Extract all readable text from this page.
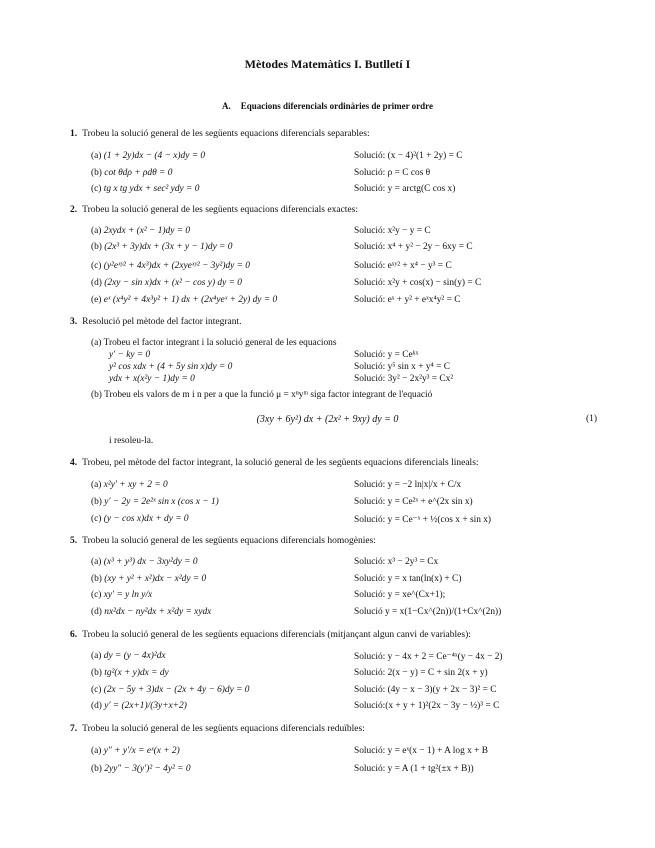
Mètodes Matemàtics I. Butlletí I
A. Equacions diferencials ordinàries de primer ordre
1. Trobeu la solució general de les següents equacions diferencials separables:
(a) (1 + 2y)dx − (4 − x)dy = 0	Solució: (x − 4)²(1 + 2y) = C
(b) cot θdρ + ρdθ = 0	Solució: ρ = C cos θ
(c) tg x tg ydx + sec² ydy = 0	Solució: y = arctg(C cos x)
2. Trobeu la solució general de les següents equacions diferencials exactes:
(a) 2xydx + (x² − 1)dy = 0	Solució: x²y − y = C
(b) (2x³ + 3y)dx + (3x + y − 1)dy = 0	Solució: x⁴ + y² − 2y − 6xy = C
(c) (y²eˣʸ² + 4x³)dx + (2xyeˣʸ² − 3y²)dy = 0	Solució: eˣʸ² + x⁴ − y³ = C
(d) (2xy − sin x)dx + (x² − cos y) dy = 0	Solució: x²y + cos(x) − sin(y) = C
(e) eˣ (x⁴y² + 4x³y² + 1) dx + (2x⁴yeˣ + 2y) dy = 0	Solució: eˣ + y² + eˣx⁴y² = C
3. Resolució pel mètode del factor integrant.
(a) Trobeu el factor integrant i la solució general de les equacions
y′ − ky = 0	Solució: y = Ceᵏˣ
y² cos xdx + (4 + 5y sin x)dy = 0	Solució: y⁵ sin x + y⁴ = C
ydx + x(x²y − 1)dy = 0	Solució: 3y² − 2x²y³ = Cx²
(b) Trobeu els valors de m i n per a que la funció μ = xⁿyᵐ siga factor integrant de l'equació
(3xy + 6y²) dx + (2x² + 9xy) dy = 0	(1)
i resoleu-la.
4. Trobeu, pel mètode del factor integrant, la solució general de les següents equacions diferencials lineals:
(a) x²y′ + xy + 2 = 0	Solució: y = −2 ln|x|/x + C/x
(b) y′ − 2y = 2e²ˣ sin x (cos x − 1)	Solució: y = Ce²ˣ + e^(2x sin x)
(c) (y − cos x)dx + dy = 0	Solució: y = Ce⁻ˣ + ½(cos x + sin x)
5. Trobeu la solució general de les següents equacions diferencials homogènies:
(a) (x³ + y³) dx − 3xy²dy = 0	Solució: x³ − 2y³ = Cx
(b) (xy + y² + x²)dx − x²dy = 0	Solució: y = x tan(ln(x) + C)
(c) xy′ = y ln y/x	Solució: y = xe^(Cx+1);
(d) nx²dx − ny²dx + x²dy = xydx	Solució y = x(1−Cx^(2n))/(1+Cx^(2n))
6. Trobeu la solució general de les següents equacions diferencials (mitjançant algun canvi de variables):
(a) dy = (y − 4x)²dx	Solució: y − 4x + 2 = Ce⁻⁴ˣ(y − 4x − 2)
(b) tg²(x + y)dx = dy	Solució: 2(x − y) = C + sin 2(x + y)
(c) (2x − 5y + 3)dx − (2x + 4y − 6)dy = 0	Solució: (4y − x − 3)(y + 2x − 3)² = C
(d) y′ = (2x+1)/(3y+x+2)	Solució:(x + y + 1)²(2x − 3y − ½)³ = C
7. Trobeu la solució general de les següents equacions diferencials reduïbles:
(a) y″ + y′/x = eˣ(x + 2)	Solució: y = eˣ(x − 1) + A log x + B
(b) 2yy″ − 3(y′)² − 4y² = 0	Solució: y = A (1 + tg²(±x + B))
